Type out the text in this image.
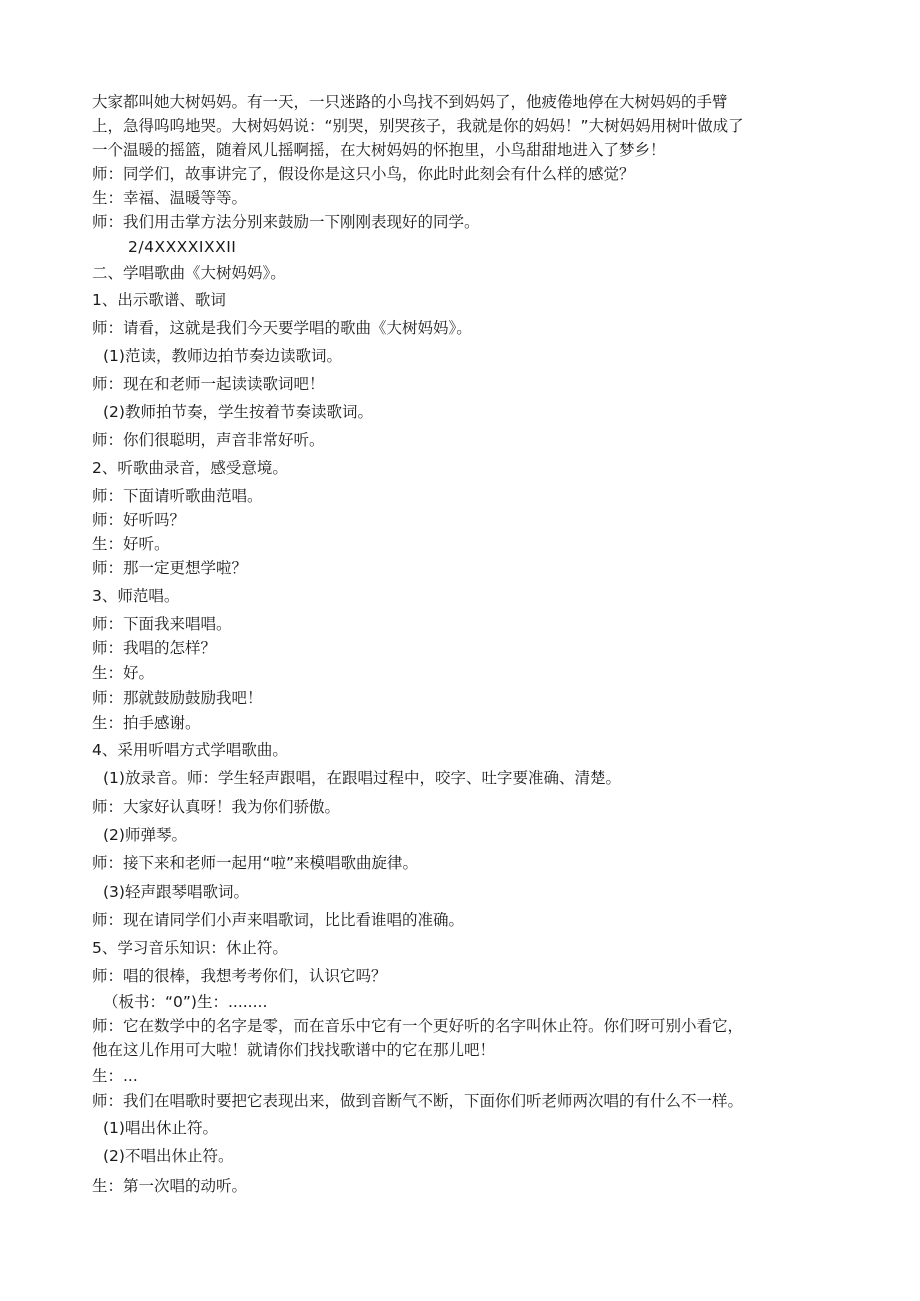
大家都叫她大树妈妈。有一天，一只迷路的小鸟找不到妈妈了，他疲倦地停在大树妈妈的手臂
上，急得呜呜地哭。大树妈妈说：“别哭，别哭孩子，我就是你的妈妈！”大树妈妈用树叶做成了
一个温暖的摇篮，随着风儿摇啊摇，在大树妈妈的怀抱里，小鸟甜甜地进入了梦乡！
师：同学们，故事讲完了，假设你是这只小鸟，你此时此刻会有什么样的感觉？
生：幸福、温暖等等。
师：我们用击掌方法分别来鼓励一下刚刚表现好的同学。
2/4XXXXIXXII
二、学唱歌曲《大树妈妈》。
1、出示歌谱、歌词
师：请看，这就是我们今天要学唱的歌曲《大树妈妈》。
(1)范读，教师边拍节奏边读歌词。
师：现在和老师一起读读歌词吧！
(2)教师拍节奏，学生按着节奏读歌词。
师：你们很聪明，声音非常好听。
2、听歌曲录音，感受意境。
师：下面请听歌曲范唱。
师：好听吗？
生：好听。
师：那一定更想学啦？
3、师范唱。
师：下面我来唱唱。
师：我唱的怎样？
生：好。
师：那就鼓励鼓励我吧！
生：拍手感谢。
4、采用听唱方式学唱歌曲。
(1)放录音。师：学生轻声跟唱，在跟唱过程中，咬字、吐字要准确、清楚。
师：大家好认真呀！我为你们骄傲。
(2)师弹琴。
师：接下来和老师一起用“啦”来模唱歌曲旋律。
(3)轻声跟琴唱歌词。
师：现在请同学们小声来唱歌词，比比看谁唱的准确。
5、学习音乐知识：休止符。
师：唱的很棒，我想考考你们，认识它吗？
（板书：“0”)生：........
师：它在数学中的名字是零，而在音乐中它有一个更好听的名字叫休止符。你们呀可别小看它，
他在这儿作用可大啦！就请你们找找歌谱中的它在那儿吧！
生：...
师：我们在唱歌时要把它表现出来，做到音断气不断，下面你们听老师两次唱的有什么不一样。
(1)唱出休止符。
(2)不唱出休止符。
生：第一次唱的动听。
